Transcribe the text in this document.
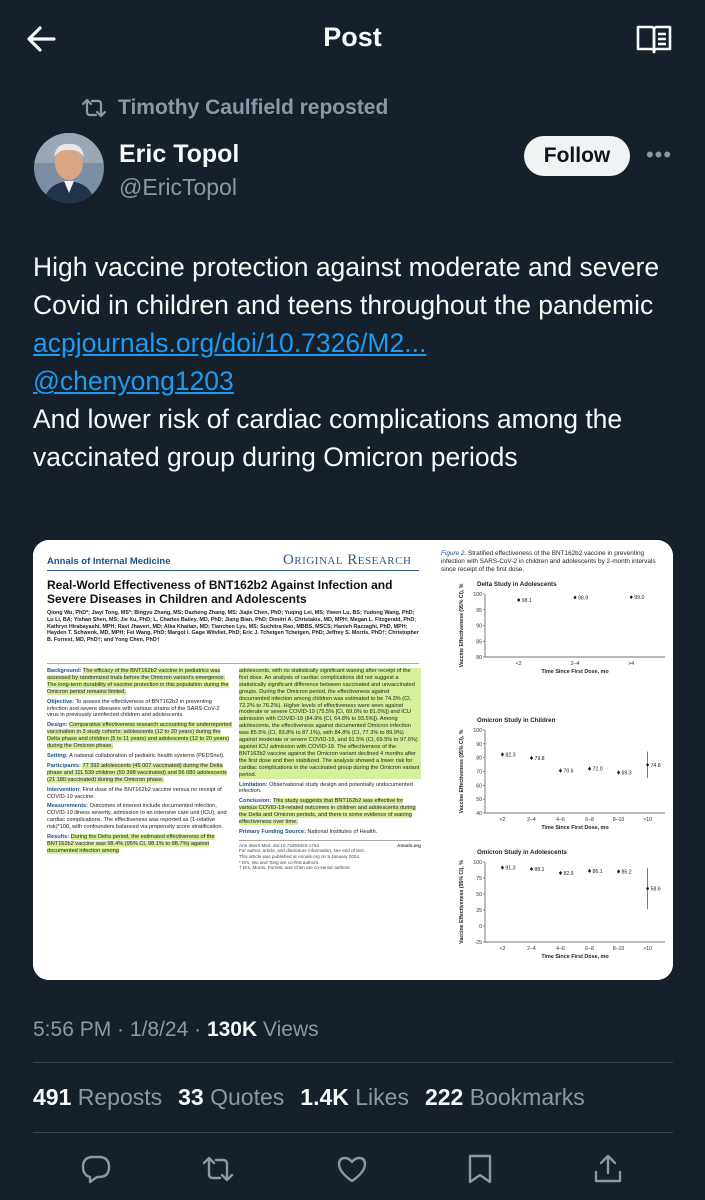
Post
Timothy Caulfield reposted
Eric Topol
@EricTopol
Follow	•••

High vaccine protection against moderate and severe Covid in children and teens throughout the pandemic

acpjournals.org/doi/10.7326/M2...
@chenyong1203

And lower risk of cardiac complications among the vaccinated group during Omicron periods

Annals of Internal Medicine	Original Research
Real-World Effectiveness of BNT162b2 Against Infection and Severe Diseases in Children and Adolescents
Qiong Wu, PhD*; Jiayi Tong, MS*; Bingyu Zhang, MS; Dazheng Zhang, MS; Jiajie Chen, PhD; Yuqing Lei, MS; Yiwen Lu, BS; Yudong Wang, PhD; Lu Li, BA; Yishan Shen, MS; Jie Xu, PhD; L. Charles Bailey, MD, PhD; Jiang Bian, PhD; Dimitri A. Christakis, MD, MPH; Megan L. Fitzgerald, PhD; Kathryn Hirabayashi, MPH; Ravi Jhaveri, MD; Alka Khaitan, MD; Tianchen Lyu, MS; Suchitra Rao, MBBS, MSCS; Hanieh Razzaghi, PhD, MPH; Hayden T. Schwenk, MD, MPH; Fei Wang, PhD; Margot I. Gage Witvliet, PhD; Eric J. Tchetgen Tchetgen, PhD; Jeffrey S. Morris, PhD†; Christopher B. Forrest, MD, PhD†; and Yong Chen, PhD†

Background: The efficacy of the BNT162b2 vaccine in pediatrics was assessed by randomized trials before the Omicron variant's emergence. The long-term durability of vaccine protection in this population during the Omicron period remains limited.

Objective: To assess the effectiveness of BNT162b2 in preventing infection and severe diseases with various strains of the SARS-CoV-2 virus in previously uninfected children and adolescents.

Design: Comparative effectiveness research accounting for underreported vaccination in 3 study cohorts: adolescents (12 to 20 years) during the Delta phase and children (5 to 11 years) and adolescents (12 to 20 years) during the Omicron phase.

Setting: A national collaboration of pediatric health systems (PEDSnet).

Participants: 77 392 adolescents (45 007 vaccinated) during the Delta phase and 111 539 children (50 398 vaccinated) and 56 080 adolescents (21 180 vaccinated) during the Omicron phase.

Intervention: First dose of the BNT162b2 vaccine versus no receipt of COVID-19 vaccine.

Measurements: Outcomes of interest include documented infection, COVID-19 illness severity, admission to an intensive care unit (ICU), and cardiac complications. The effectiveness was reported as (1-relative risk)*100, with confounders balanced via propensity score stratification.

Results: During the Delta period, the estimated effectiveness of the BNT162b2 vaccine was 98.4% (95% CI, 98.1% to 98.7%) against documented infection among

adolescents, with no statistically significant waning after receipt of the first dose. An analysis of cardiac complications did not suggest a statistically significant difference between vaccinated and unvaccinated groups. During the Omicron period, the effectiveness against documented infection among children was estimated to be 74.3% (CI, 72.2% to 76.2%). Higher levels of effectiveness were seen against moderate or severe COVID-19 (75.5% [CI, 69.0% to 81.0%]) and ICU admission with COVID-19 (84.9% [CI, 64.8% to 93.5%]). Among adolescents, the effectiveness against documented Omicron infection was 85.5% (CI, 83.8% to 87.1%), with 84.8% (CI, 77.3% to 89.9%) against moderate or severe COVID-19, and 91.5% (CI, 69.5% to 97.6%) against ICU admission with COVID-19. The effectiveness of the BNT162b2 vaccine against the Omicron variant declined 4 months after the first dose and then stabilized. The analysis showed a lower risk for cardiac complications in the vaccinated group during the Omicron variant period.

Limitation: Observational study design and potentially undocumented infection.

Conclusion: This study suggests that BNT162b2 was effective for various COVID-19-related outcomes in children and adolescents during the Delta and Omicron periods, and there is some evidence of waning effectiveness over time.

Primary Funding Source: National Institutes of Health.

Ann Intern Med. doi:10.7326/M23-1754	Annals.org
For author, article, and disclosure information, see end of text.
This article was published at Annals.org on 9 January 2024.
* Drs. Wu and Tong are co-first authors.
† Drs. Morris, Forrest, and Chen are co-senior authors.
Figure 2. Stratified effectiveness of the BNT162b2 vaccine in preventing infection with SARS-CoV-2 in children and adolescents by 2-month intervals since receipt of the first dose.
Delta Study in Adolescents
100
95
90
85
80
<2
98.1
2–4
98.9
>4
99.0
Time Since First Dose, mo
Vaccine Effectiveness (95% CI), %
Omicron Study in Children
100
90
80
70
60
50
40
<2
82.3
2–4
79.8
4–6
70.6
6–8
72.0
8–10
69.3
>10
74.8
Time Since First Dose, mo
Vaccine Effectiveness (95% CI), %
Omicron Study in Adolescents
100
75
50
25
0
-25
<2
91.3
2–4
89.1
4–6
82.9
6–8
86.1
8–10
85.2
>10
58.6
Time Since First Dose, mo
Vaccine Effectiveness (95% CI), %
5:56 PM · 1/8/24 · 130K Views
491 Reposts 33 Quotes 1.4K Likes 222 Bookmarks
